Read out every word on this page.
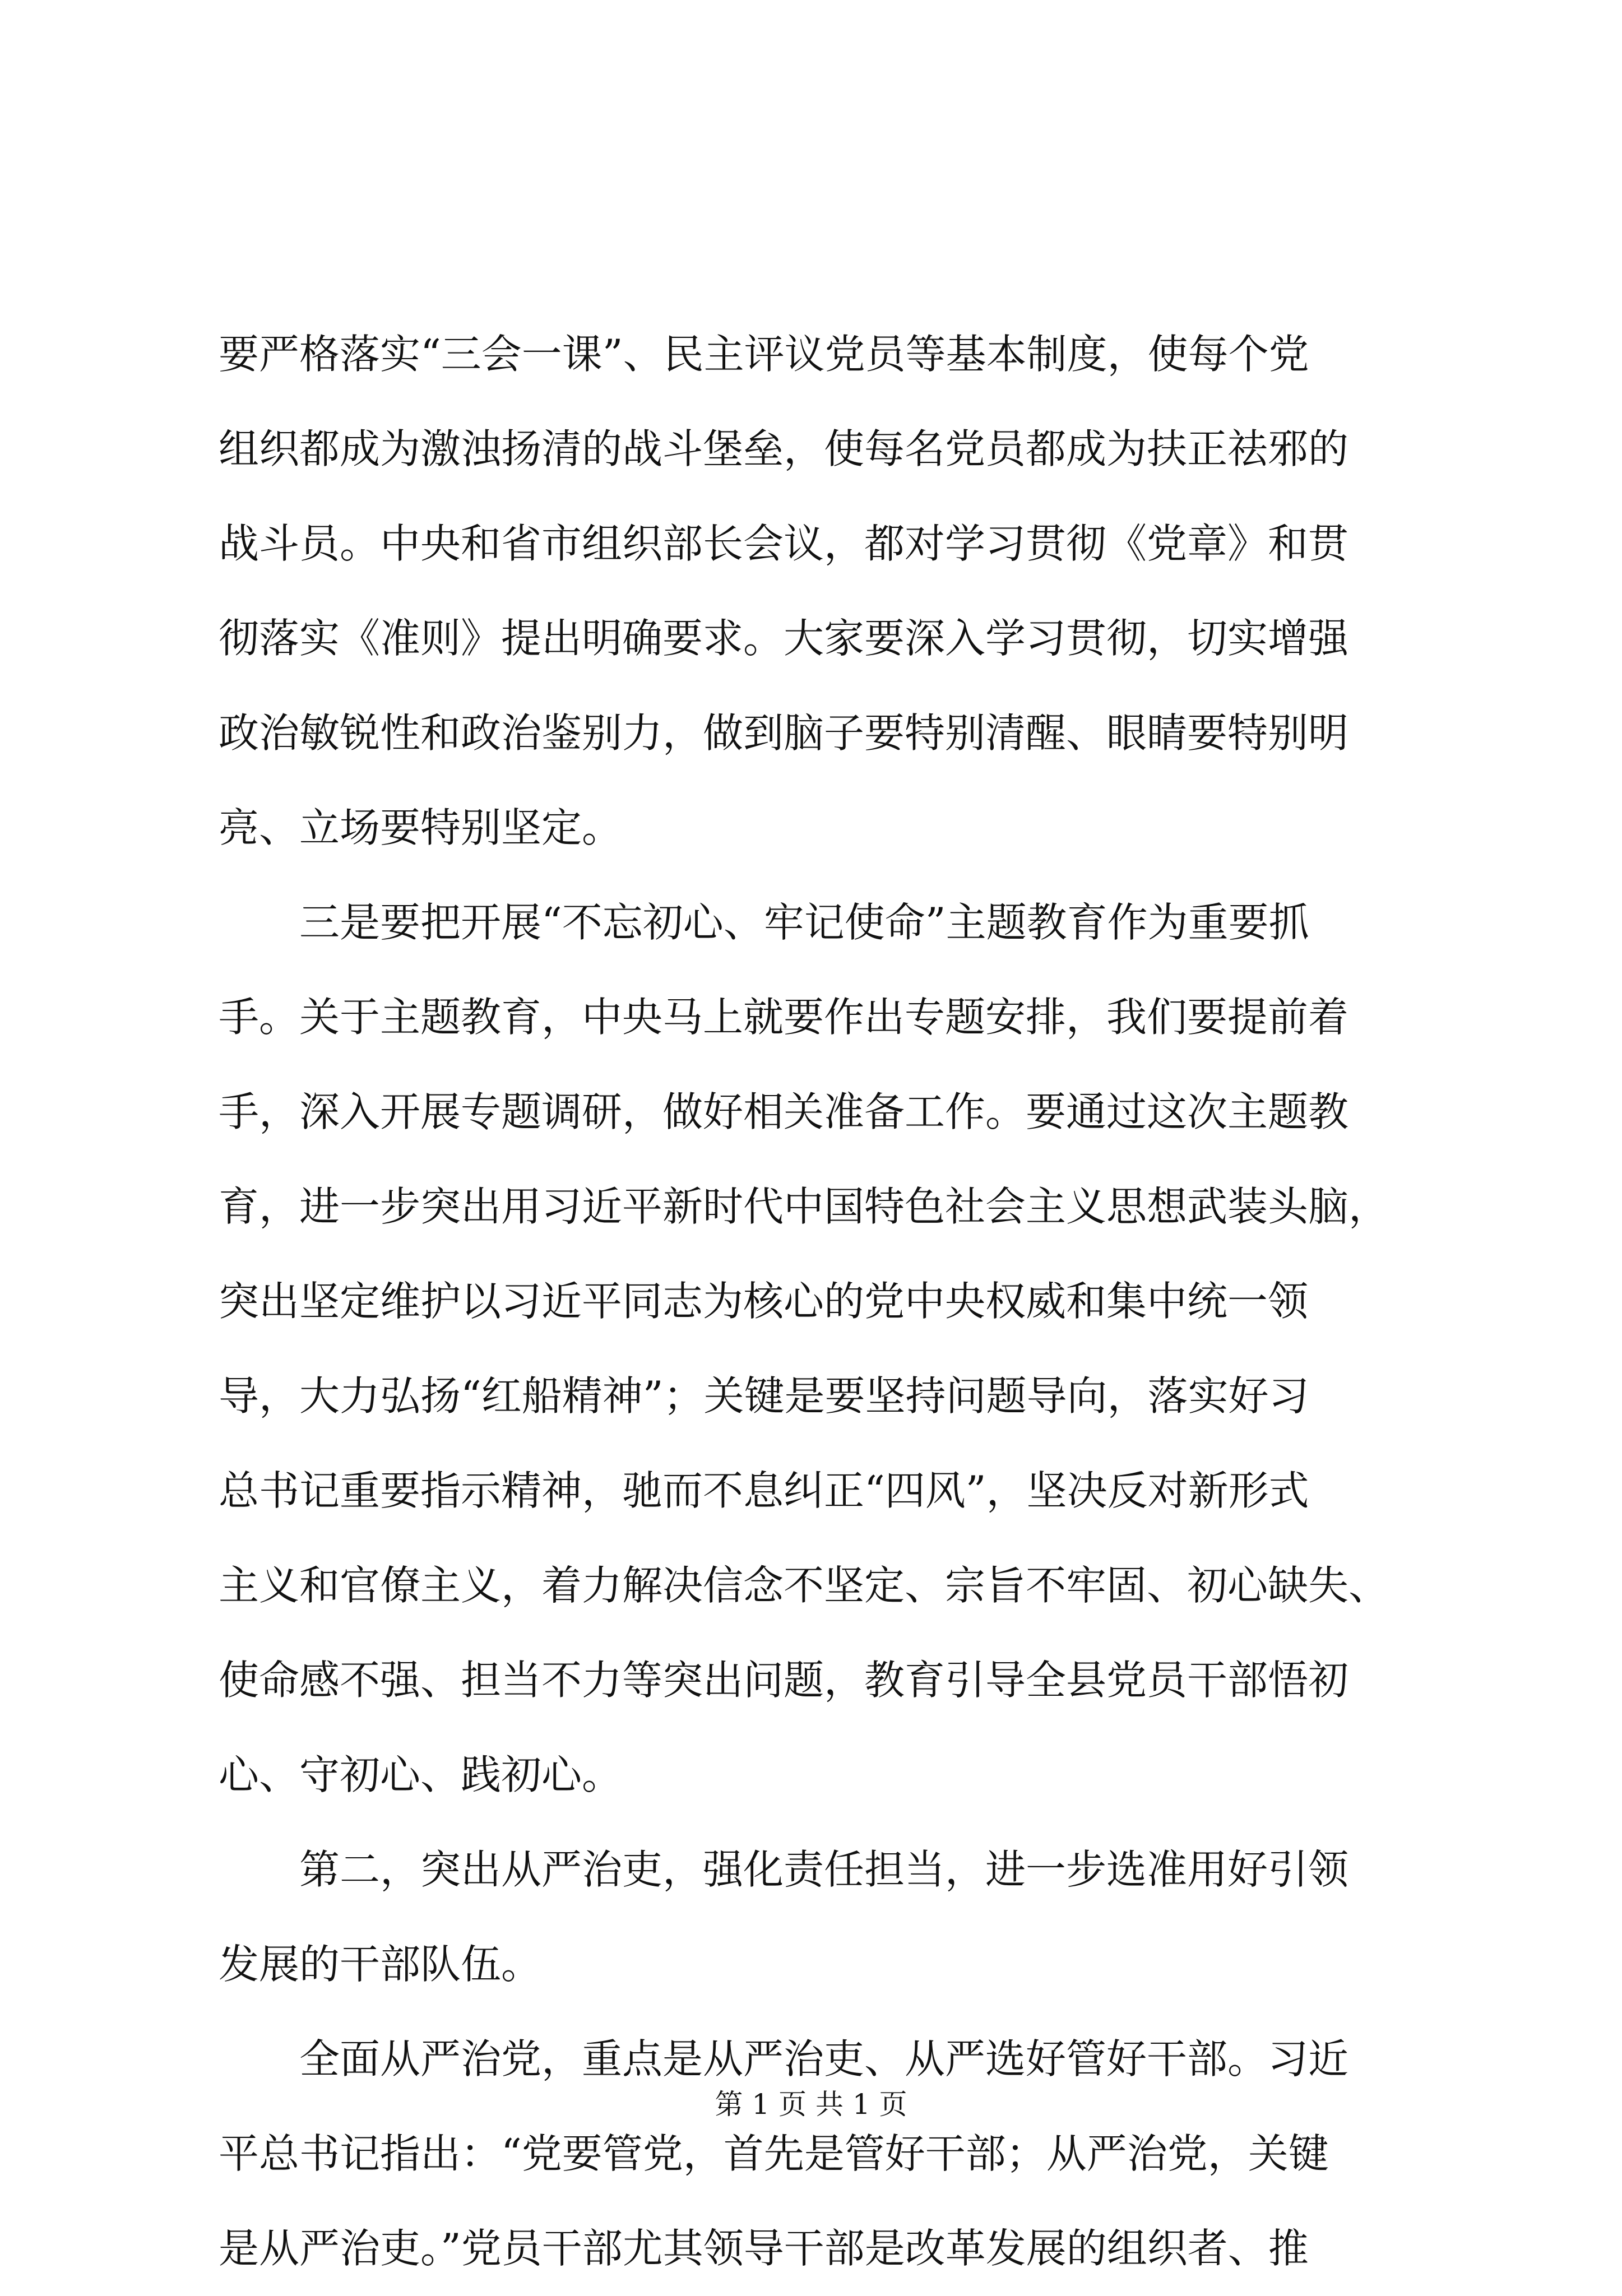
要严格落实“三会一课”、民主评议党员等基本制度，使每个党
组织都成为激浊扬清的战斗堡垒，使每名党员都成为扶正祛邪的
战斗员。中央和省市组织部长会议，都对学习贯彻《党章》和贯
彻落实《准则》提出明确要求。大家要深入学习贯彻，切实增强
政治敏锐性和政治鉴别力，做到脑子要特别清醒、眼睛要特别明
亮、立场要特别坚定。
三是要把开展“不忘初心、牢记使命”主题教育作为重要抓
手。关于主题教育，中央马上就要作出专题安排，我们要提前着
手，深入开展专题调研，做好相关准备工作。要通过这次主题教
育，进一步突出用习近平新时代中国特色社会主义思想武装头脑，
突出坚定维护以习近平同志为核心的党中央权威和集中统一领
导，大力弘扬“红船精神”；关键是要坚持问题导向，落实好习
总书记重要指示精神，驰而不息纠正“四风”，坚决反对新形式
主义和官僚主义，着力解决信念不坚定、宗旨不牢固、初心缺失、
使命感不强、担当不力等突出问题，教育引导全县党员干部悟初
心、守初心、践初心。
第二，突出从严治吏，强化责任担当，进一步选准用好引领
发展的干部队伍。
全面从严治党，重点是从严治吏、从严选好管好干部。习近
平总书记指出：“党要管党，首先是管好干部；从严治党，关键
是从严治吏。”党员干部尤其领导干部是改革发展的组织者、推
第 1 页 共 1 页
